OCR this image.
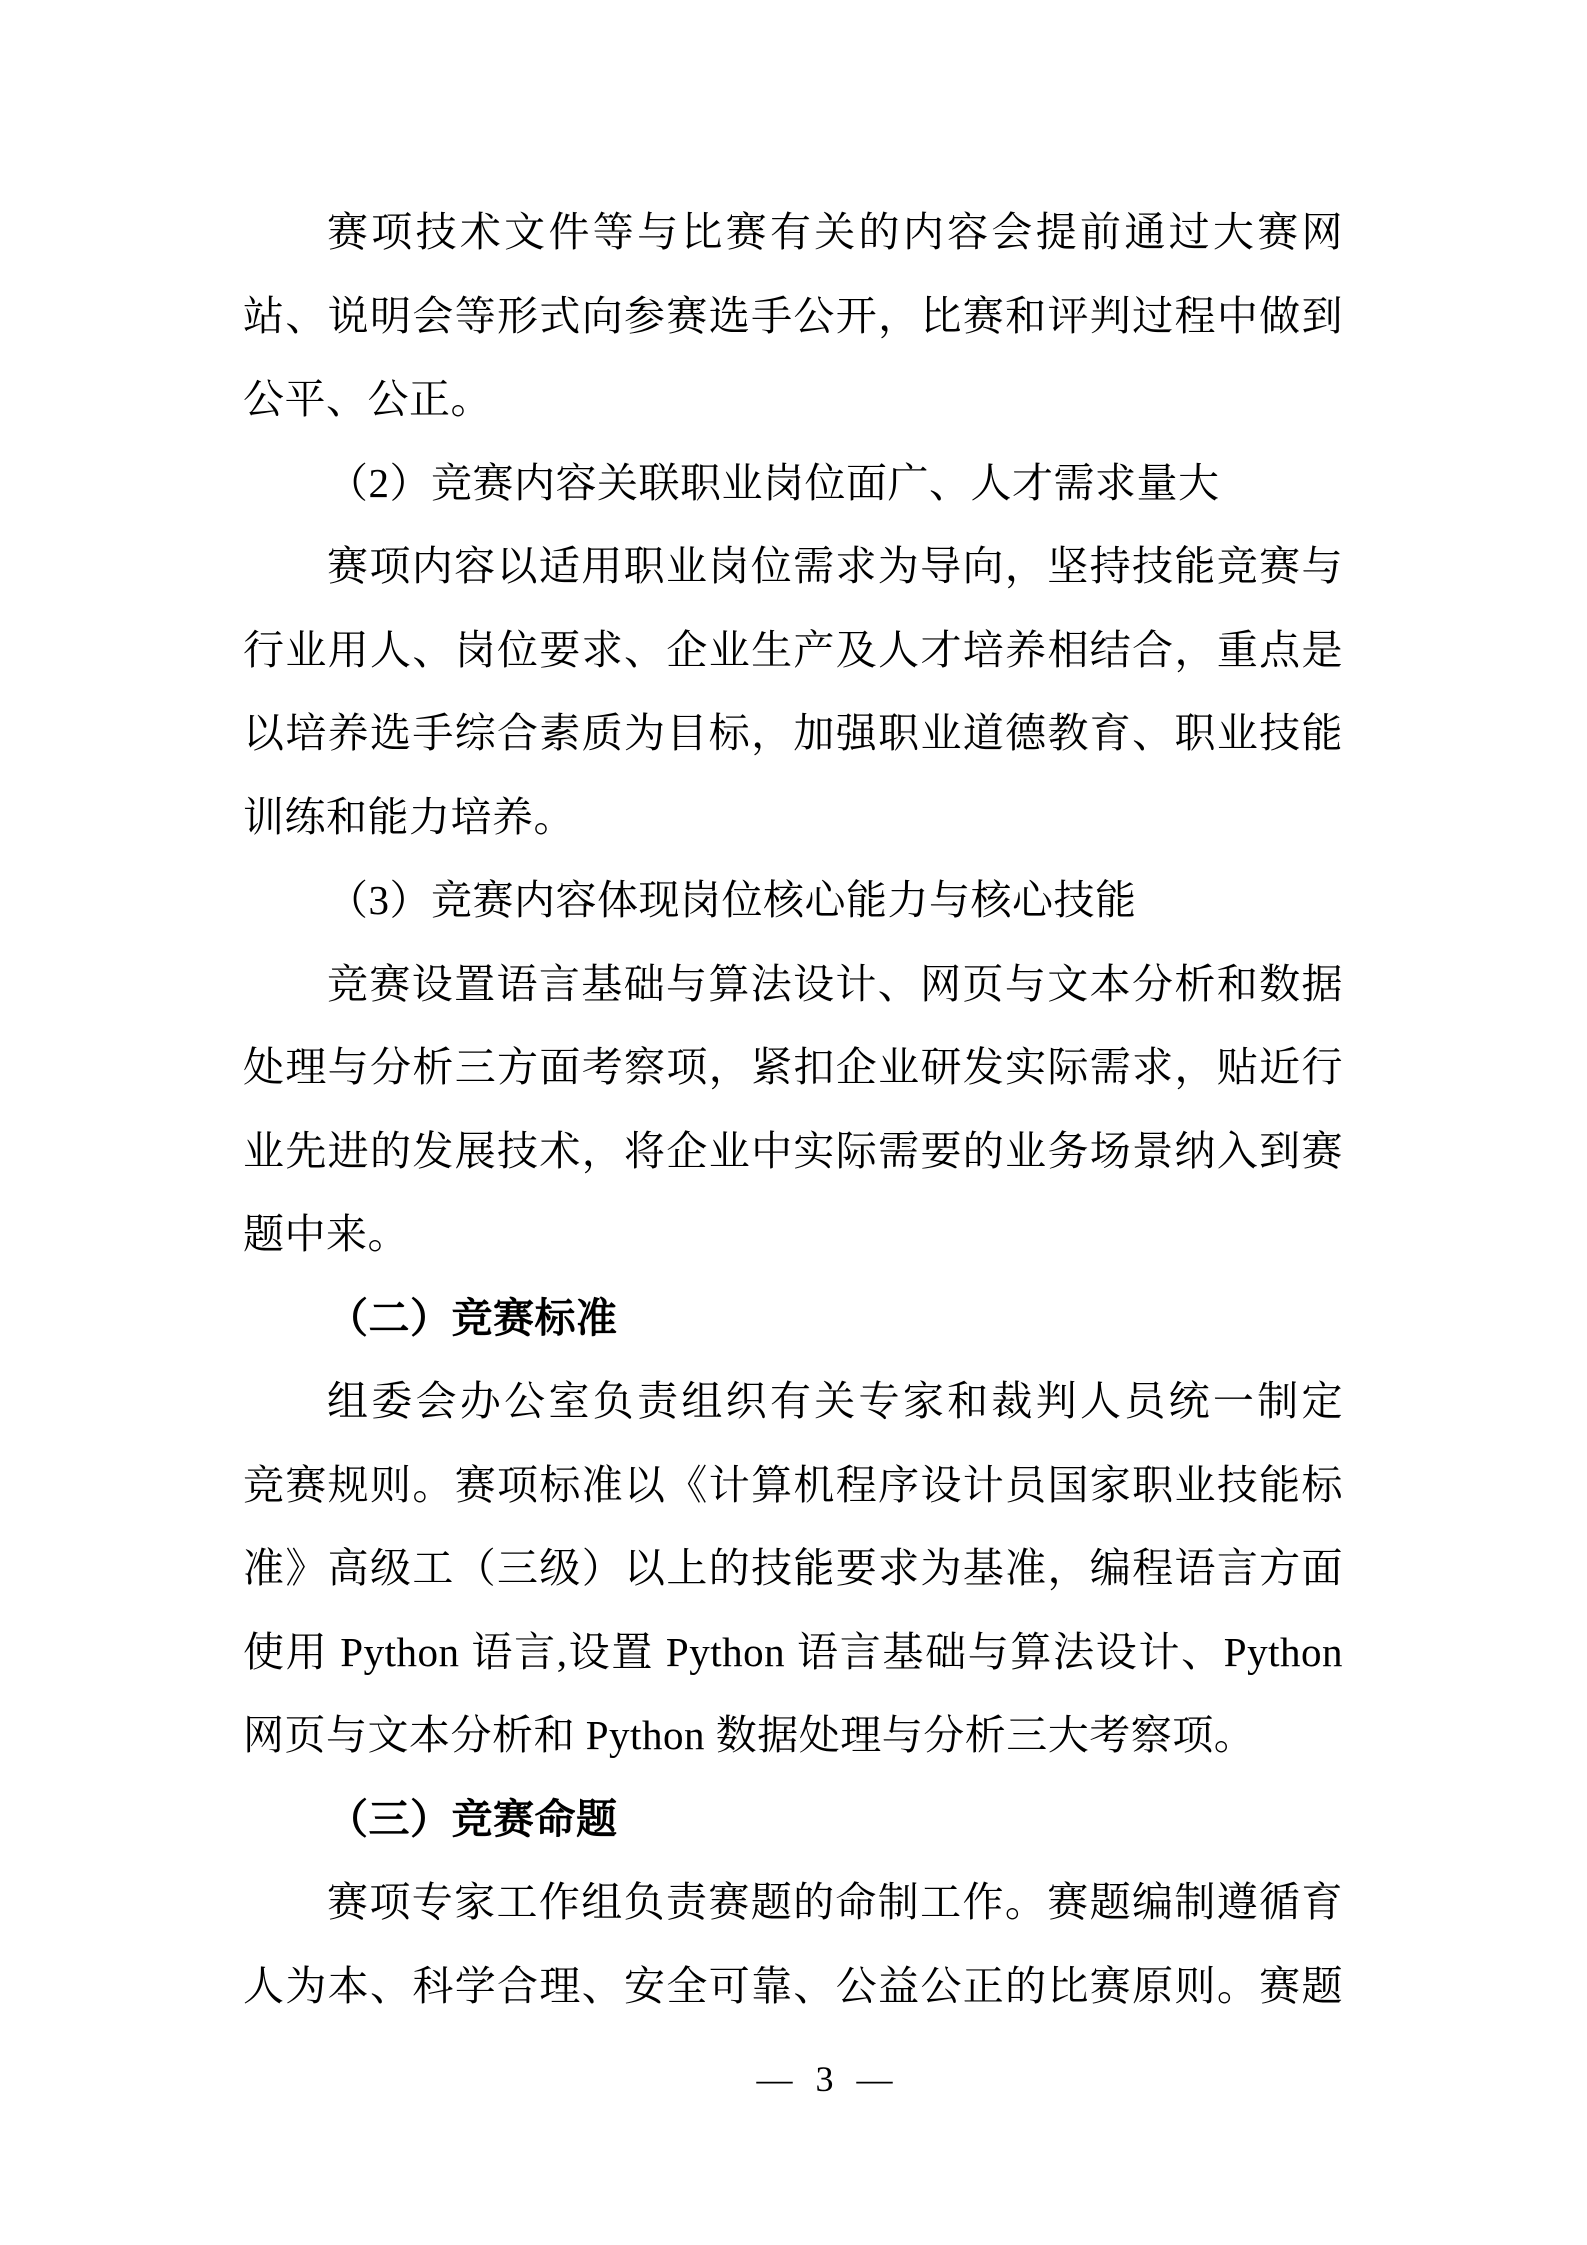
赛项技术文件等与比赛有关的内容会提前通过大赛网
站、说明会等形式向参赛选手公开，比赛和评判过程中做到
公平、公正。
（2）竞赛内容关联职业岗位面广、人才需求量大
赛项内容以适用职业岗位需求为导向，坚持技能竞赛与
行业用人、岗位要求、企业生产及人才培养相结合，重点是
以培养选手综合素质为目标，加强职业道德教育、职业技能
训练和能力培养。
（3）竞赛内容体现岗位核心能力与核心技能
竞赛设置语言基础与算法设计、网页与文本分析和数据
处理与分析三方面考察项，紧扣企业研发实际需求，贴近行
业先进的发展技术，将企业中实际需要的业务场景纳入到赛
题中来。
（二）竞赛标准
组委会办公室负责组织有关专家和裁判人员统一制定
竞赛规则。赛项标准以《计算机程序设计员国家职业技能标
准》高级工（三级）以上的技能要求为基准，编程语言方面
使用 Python 语言,设置 Python 语言基础与算法设计、Python
网页与文本分析和 Python 数据处理与分析三大考察项。
（三）竞赛命题
赛项专家工作组负责赛题的命制工作。赛题编制遵循育
人为本、科学合理、安全可靠、公益公正的比赛原则。赛题
— 3 —
